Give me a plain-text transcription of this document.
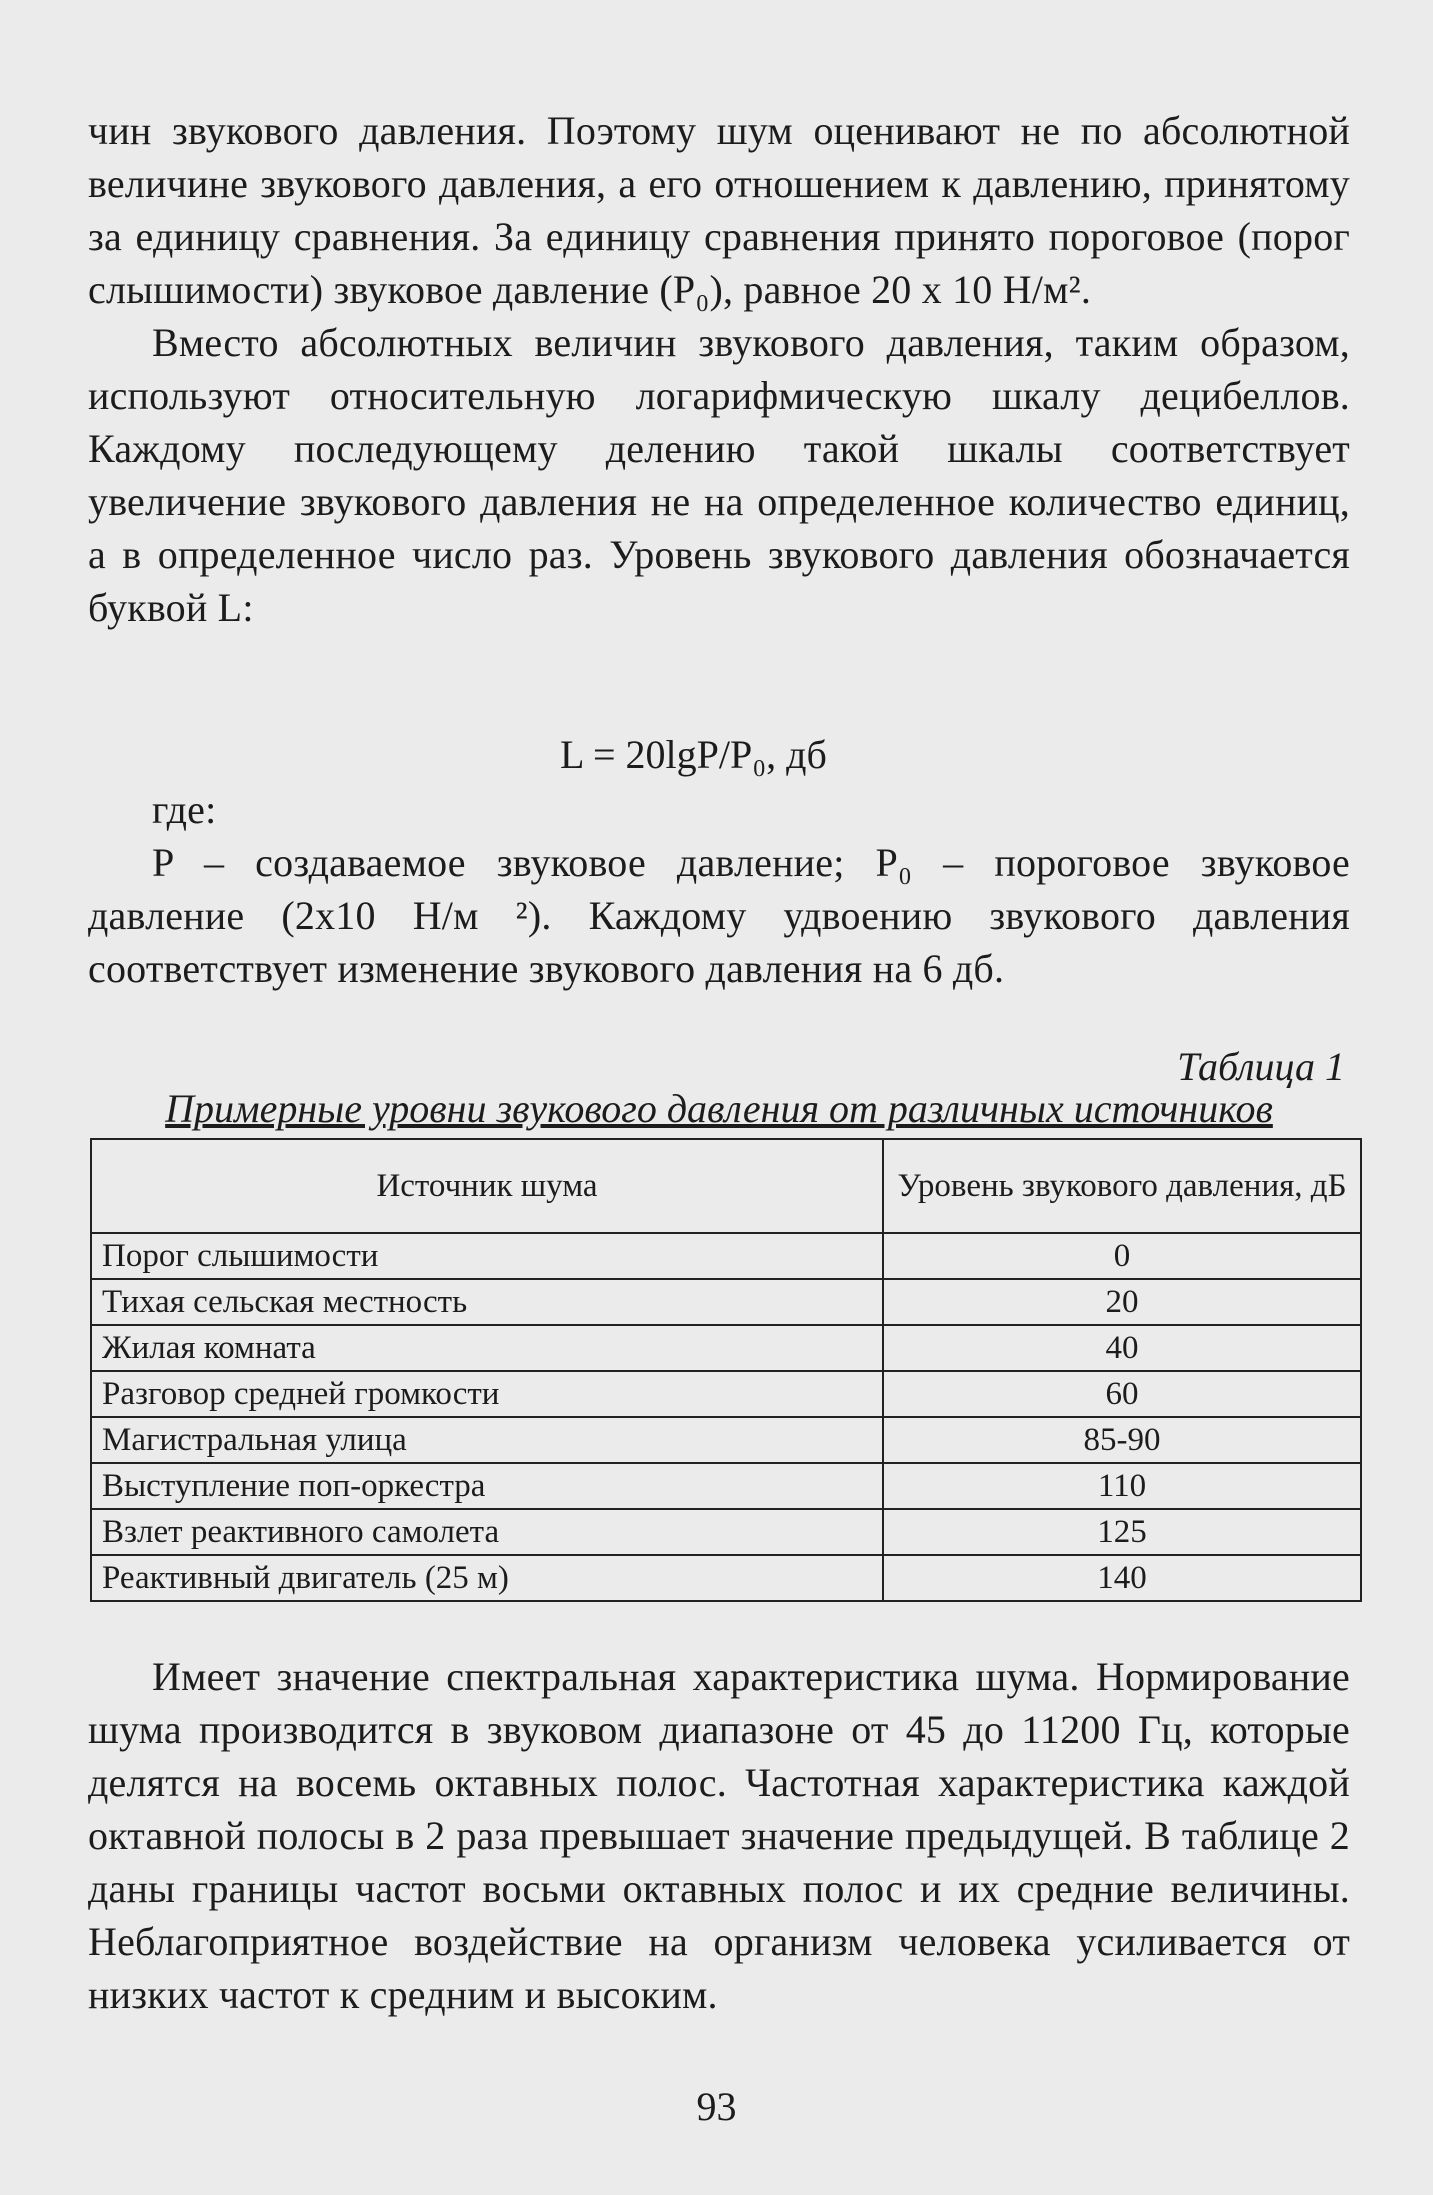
чин звукового давления. Поэтому шум оценивают не по абсолютной величине звукового давления, а его отношением к давлению, принятому за единицу сравнения. За единицу сравнения принято пороговое (порог слышимости) звуковое давление (P₀), равное 20 х 10 Н/м².

Вместо абсолютных величин звукового давления, таким образом, используют относительную логарифмическую шкалу децибеллов. Каждому последующему делению такой шкалы соответствует увеличение звукового давления не на определенное количество единиц, а в определенное число раз. Уровень звукового давления обозначается буквой L:

L = 20lgP/P₀, дб

где:

P – создаваемое звуковое давление; P₀ – пороговое звуковое давление (2х10 Н/м ²). Каждому удвоению звукового давления соответствует изменение звукового давления на 6 дб.

Таблица 1
Примерные уровни звукового давления от различных источников
Источник шума	Уровень звукового давления, дБ
Порог слышимости	0
Тихая сельская местность	20
Жилая комната	40
Разговор средней громкости	60
Магистральная улица	85-90
Выступление поп-оркестра	110
Взлет реактивного самолета	125
Реактивный двигатель (25 м)	140

Имеет значение спектральная характеристика шума. Нормирование шума производится в звуковом диапазоне от 45 до 11200 Гц, которые делятся на восемь октавных полос. Частотная характеристика каждой октавной полосы в 2 раза превышает значение предыдущей. В таблице 2 даны границы частот восьми октавных полос и их средние величины. Неблагоприятное воздействие на организм человека усиливается от низких частот к средним и высоким.

93
